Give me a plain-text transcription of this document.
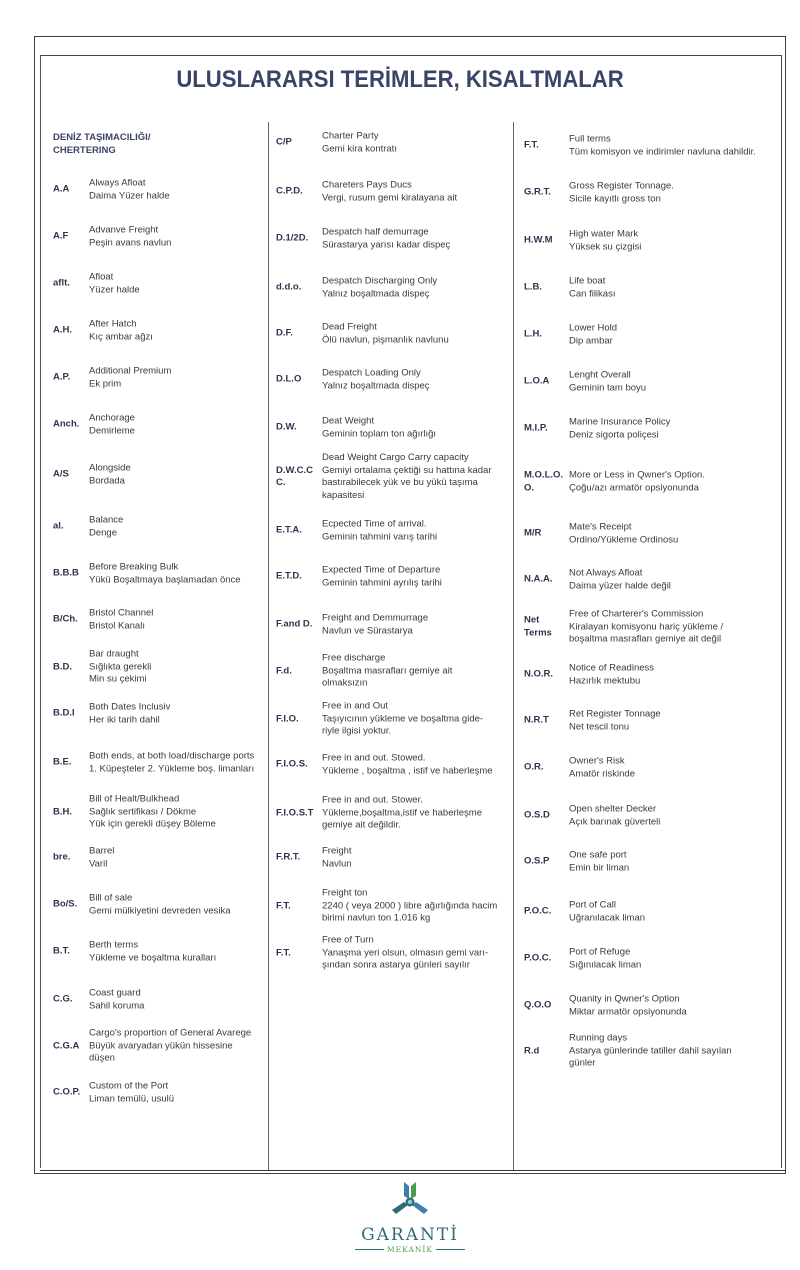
ULUSLARARSI TERİMLER, KISALTMALAR
DENİZ TAŞIMACILIĞI/
CHERTERING
A.A
Always Afloat
Daima Yüzer halde
A.F
Advanve Freight
Peşin avans navlun
aflt.
Afloat
Yüzer halde
A.H.
After Hatch
Kıç ambar ağzı
A.P.
Additional Premium
Ek prim
Anch.
Anchorage
Demirleme
A/S
Alongside
Bordada
al.
Balance
Denge
B.B.B
Before Breaking Bulk
Yükü Boşaltmaya başlamadan önce
B/Ch.
Bristol Channel
Bristol Kanalı
B.D.
Bar draught
Sığlıkta gerekli
Min su çekimi
B.D.I
Both Dates Inclusiv
Her iki tarih dahil
B.E.
Both ends, at both load/discharge ports
1. Küpeşteler 2. Yükleme boş. limanları
B.H.
Bill of Healt/Bulkhead
Sağlık sertifikası / Dökme
Yük için gerekli düşey Böleme
bre.
Barrel
Varil
Bo/S.
Bill of sale
Gemi mülkiyetini devreden vesika
B.T.
Berth terms
Yükleme ve boşaltma kuralları
C.G.
Coast guard
Sahil koruma
C.G.A
Cargo's proportion of General Avarege
Büyük avaryadan yükün hissesine
düşen
C.O.P.
Custom of the Port
Liman temülü, usulü
C/P
Charter Party
Gemi kira kontratı
C.P.D.
Chareters Pays Ducs
Vergi, rusum gemi kiralayana ait
D.1/2D.
Despatch half demurrage
Sürastarya yarısı kadar dispeç
d.d.o.
Despatch Discharging Only
Yalnız boşaltmada dispeç
D.F.
Dead Freight
Ölü navlun, pişmanlık navlunu
D.L.O
Despatch Loading Only
Yalnız boşaltmada dispeç
D.W.
Deat Weight
Geminin toplam ton ağırlığı
D.W.C.C C.
Dead Weight Cargo Carry capacity
Gemiyi ortalama çektiği su hattına kadar
bastırabilecek yük ve bu yükü taşıma
kapasitesi
E.T.A.
Ecpected Time of arrival.
Geminin tahmini varış tarihi
E.T.D.
Expected Time of Departure
Geminin tahmini ayrılış tarihi
F.and D.
Freight and Demmurrage
Navlun ve Sürastarya
F.d.
Free discharge
Boşaltma masrafları gemiye ait
olmaksızın
F.I.O.
Free in and Out
Taşıyıcının yükleme ve boşaltma gide-
riyle ilgisi yoktur.
F.I.O.S.
Free in and out. Stowed.
Yükleme , boşaltma , istif ve haberleşme
F.I.O.S.T
Free in and out. Stower.
Yükleme,boşaltma,istif ve haberleşme
gemiye ait değildir.
F.R.T.
Freight
Navlun
F.T.
Freight ton
2240 ( veya 2000 ) libre ağırlığında hacim
birimi navlun ton 1.016 kg
F.T.
Free of Turn
Yanaşma yeri olsun, olmasın gemi varı-
şından sonra astarya günleri sayılır
F.T.
Full terms
Tüm komisyon ve indirimler navluna dahildir.
G.R.T.
Gross Register Tonnage.
Sicile kayıtlı gross ton
H.W.M
High water Mark
Yüksek su çizgisi
L.B.
Life boat
Can filikası
L.H.
Lower Hold
Dip ambar
L.O.A
Lenght Overall
Geminin tam boyu
M.I.P.
Marine Insurance Policy
Deniz sigorta poliçesi
M.O.L.O. O.
More or Less in Qwner's Option.
Çoğu/azı armatör opsiyonunda
M/R
Mate's Receipt
Ordino/Yükleme Ordinosu
N.A.A.
Not Always Afloat
Daima yüzer halde değil
Net Terms
Free of Charterer's Commission
Kiralayan komisyonu hariç yükleme /
boşaltma masrafları gemiye ait değil
N.O.R.
Notice of Readiness
Hazırlık mektubu
N.R.T
Ret Register Tonnage
Net tescil tonu
O.R.
Owner's Risk
Amatör riskinde
O.S.D
Open shelter Decker
Açık barınak güverteli
O.S.P
One safe port
Emin bir liman
P.O.C.
Port of Call
Uğranılacak liman
P.O.C.
Port of Refuge
Sığınılacak liman
Q.O.O
Quanity in Qwner's Option
Miktar armatör opsiyonunda
R.d
Running days
Astarya günlerinde tatiller dahil sayılan
günler
GARANTİ
MEKANİK
